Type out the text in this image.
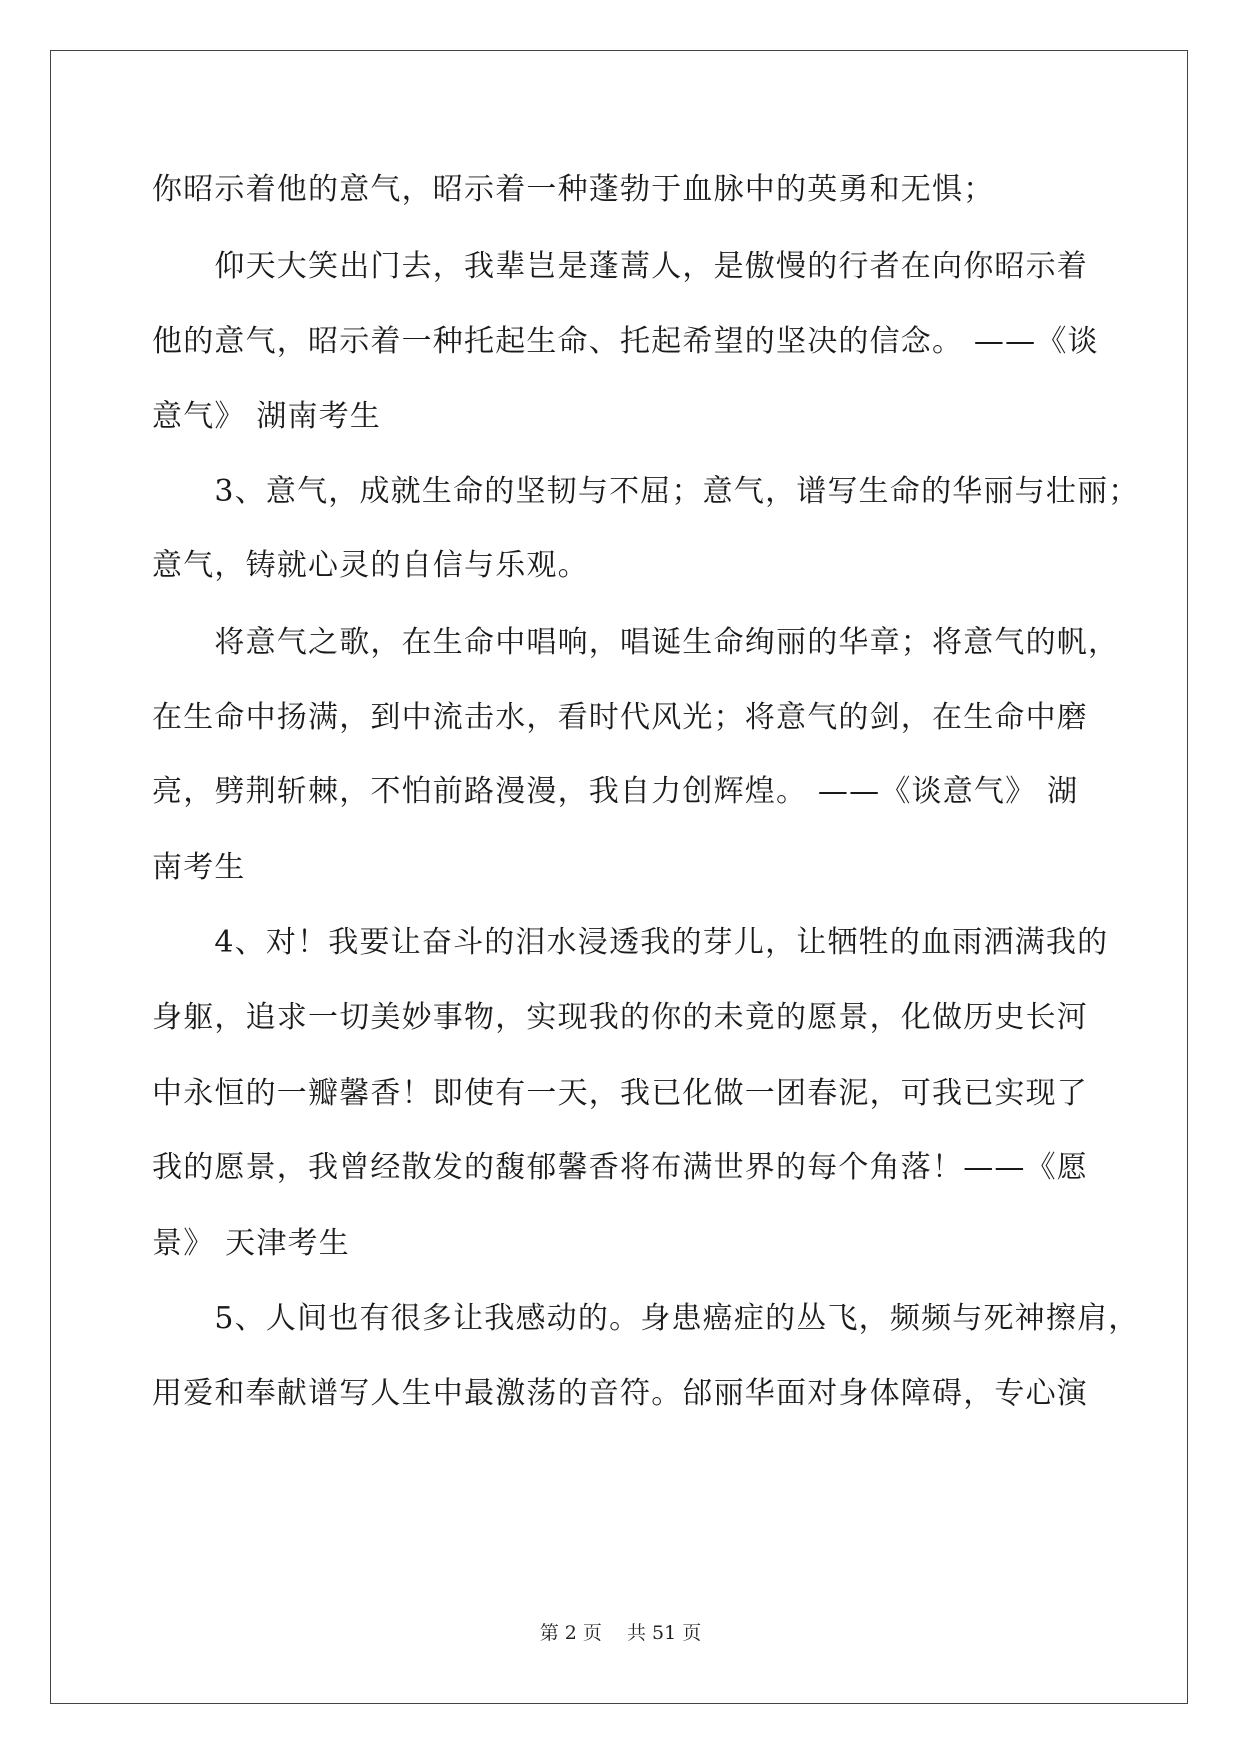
你昭示着他的意气，昭示着一种蓬勃于血脉中的英勇和无惧；

　　仰天大笑出门去，我辈岂是蓬蒿人，是傲慢的行者在向你昭示着

他的意气，昭示着一种托起生命、托起希望的坚决的信念。 ——《谈

意气》 湖南考生

　　3、意气，成就生命的坚韧与不屈；意气，谱写生命的华丽与壮丽；

意气，铸就心灵的自信与乐观。

　　将意气之歌，在生命中唱响，唱诞生命绚丽的华章；将意气的帆，

在生命中扬满，到中流击水，看时代风光；将意气的剑，在生命中磨

亮，劈荆斩棘，不怕前路漫漫，我自力创辉煌。 ——《谈意气》 湖

南考生

　　4、对！我要让奋斗的泪水浸透我的芽儿，让牺牲的血雨洒满我的

身躯，追求一切美妙事物，实现我的你的未竟的愿景，化做历史长河

中永恒的一瓣馨香！即使有一天，我已化做一团春泥，可我已实现了

我的愿景，我曾经散发的馥郁馨香将布满世界的每个角落！——《愿

景》 天津考生

　　5、人间也有很多让我感动的。身患癌症的丛飞，频频与死神擦肩，

用爱和奉献谱写人生中最激荡的音符。邰丽华面对身体障碍，专心演

第 2 页　 共 51 页
